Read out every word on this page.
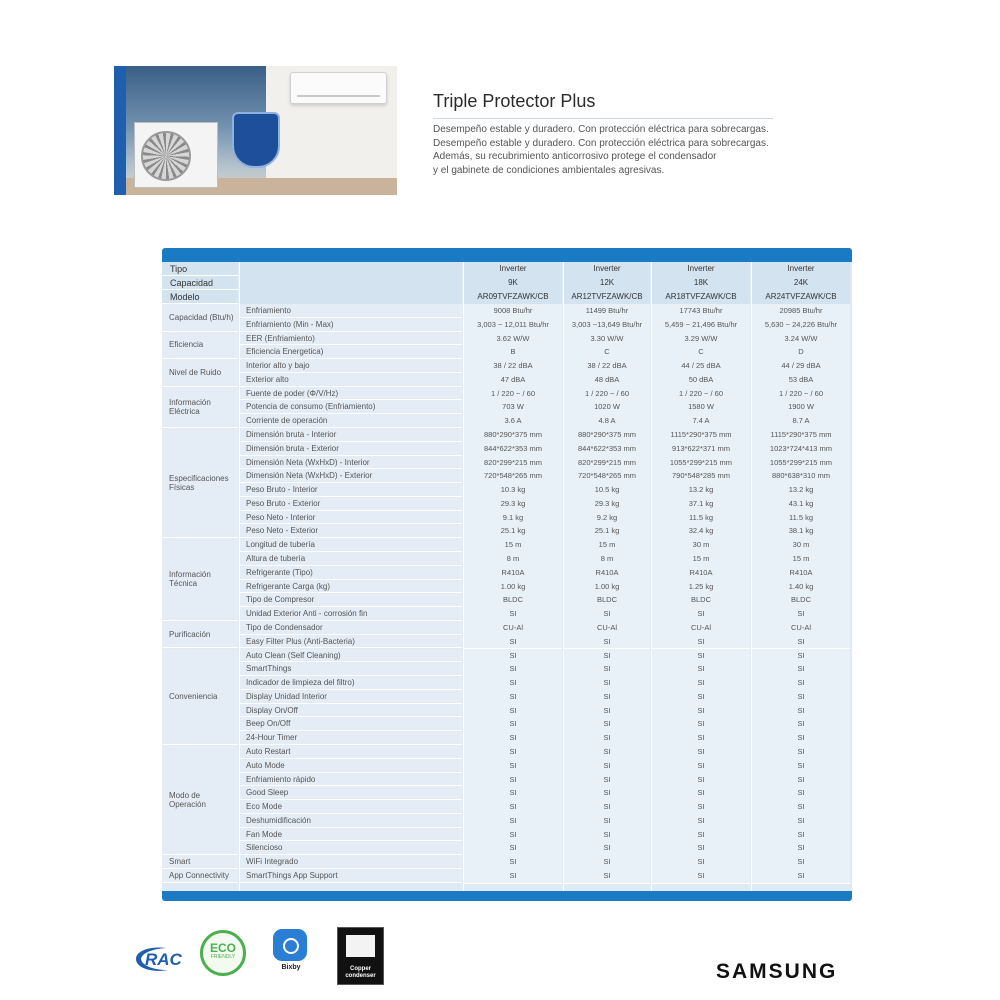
Triple Protector Plus
Desempeño estable y duradero. Con protección eléctrica para sobrecargas.
Desempeño estable y duradero. Con protección eléctrica para sobrecargas.
Además, su recubrimiento anticorrosivo protege el condensador
y el gabinete de condiciones ambientales agresivas.
Tipo	Inverter	Inverter	Inverter	Inverter
Capacidad	9K	12K	18K	24K
Modelo	AR09TVFZAWK/CB	AR12TVFZAWK/CB	AR18TVFZAWK/CB	AR24TVFZAWK/CB
Enfriamiento	9008 Btu/hr	11499 Btu/hr	17743 Btu/hr	20985 Btu/hr
Enfriamiento (Min - Max)	3,003 ~ 12,011 Btu/hr	3,003 ~13,649 Btu/hr	5,459 ~ 21,496 Btu/hr	5,630 ~ 24,226 Btu/hr
Capacidad (Btu/h)
EER (Enfriamiento)	3.62 W/W	3.30 W/W	3.29 W/W	3.24 W/W
Eficiencia Energetica)	B	C	C	D
Eficiencia
Interior alto y bajo	38 / 22 dBA	38 / 22 dBA	44 / 25 dBA	44 / 29 dBA
Exterior alto	47 dBA	48 dBA	50 dBA	53 dBA
Nivel de Ruido
Fuente de poder (Φ/V/Hz)	1 / 220 ~ / 60	1 / 220 ~ / 60	1 / 220 ~ / 60	1 / 220 ~ / 60
Potencia de consumo (Enfriamiento)	703 W	1020 W	1580 W	1900 W
Corriente de operación	3.6 A	4.8 A	7.4 A	8.7 A
Información Eléctrica
Dimensión bruta - Interior	880*290*375 mm	880*290*375 mm	1115*290*375 mm	1115*290*375 mm
Dimensión bruta - Exterior	844*622*353 mm	844*622*353 mm	913*622*371 mm	1023*724*413 mm
Dimensión Neta (WxHxD) - Interior	820*299*215 mm	820*299*215 mm	1055*299*215 mm	1055*299*215 mm
Dimensión Neta (WxHxD) - Exterior	720*548*265 mm	720*548*265 mm	790*548*285 mm	880*638*310 mm
Peso Bruto - Interior	10.3 kg	10.5 kg	13.2 kg	13.2 kg
Peso Bruto - Exterior	29.3 kg	29.3 kg	37.1 kg	43.1 kg
Peso Neto - Interior	9.1 kg	9.2 kg	11.5 kg	11.5 kg
Peso Neto - Exterior	25.1 kg	25.1 kg	32.4 kg	38.1 kg
Especificaciones Físicas
Longitud de tubería	15 m	15 m	30 m	30 m
Altura de tubería	8 m	8 m	15 m	15 m
Refrigerante (Tipo)	R410A	R410A	R410A	R410A
Refrigerante Carga (kg)	1.00 kg	1.00 kg	1.25 kg	1.40 kg
Tipo de Compresor	BLDC	BLDC	BLDC	BLDC
Unidad Exterior Anti - corrosión fin	SI	SI	SI	SI
Información Técnica
Tipo de Condensador	CU-Al	CU-Al	CU-Al	CU-Al
Easy Filter Plus (Anti-Bacteria)	SI	SI	SI	SI
Purificación
Auto Clean (Self Cleaning)	SI	SI	SI	SI
SmartThings	SI	SI	SI	SI
Indicador de limpieza del filtro)	SI	SI	SI	SI
Display Unidad Interior	SI	SI	SI	SI
Display On/Off	SI	SI	SI	SI
Beep On/Off	SI	SI	SI	SI
24-Hour Timer	SI	SI	SI	SI
Conveniencia
Auto Restart	SI	SI	SI	SI
Auto Mode	SI	SI	SI	SI
Enfriamiento rápido	SI	SI	SI	SI
Good Sleep	SI	SI	SI	SI
Eco Mode	SI	SI	SI	SI
Deshumidificación	SI	SI	SI	SI
Fan Mode	SI	SI	SI	SI
Silencioso	SI	SI	SI	SI
Modo de Operación
WiFi Integrado	SI	SI	SI	SI
Smart
SmartThings App Support	SI	SI	SI	SI
App Connectivity
RAC
ECO
FRIENDLY
Bixby	Copper
condenser	SAMSUNG
